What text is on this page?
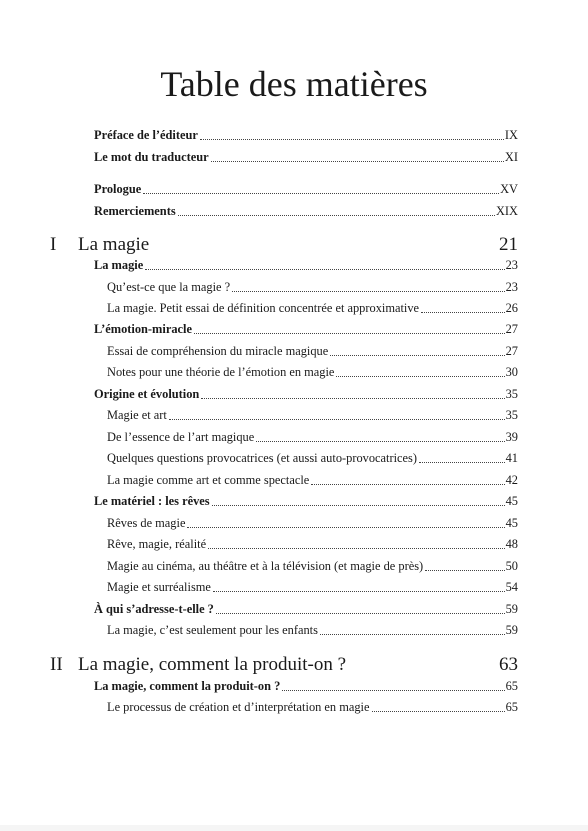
Table des matières
Préface de l’éditeur	IX
Le mot du traducteur	XI
Prologue	XV
Remerciements	XIX
I	La magie	21
La magie	23
Qu’est-ce que la magie ?	23
La magie. Petit essai de définition concentrée et approximative	26
L’émotion-miracle	27
Essai de compréhension du miracle magique	27
Notes pour une théorie de l’émotion en magie	30
Origine et évolution	35
Magie et art	35
De l’essence de l’art magique	39
Quelques questions provocatrices (et aussi auto-provocatrices)	41
La magie comme art et comme spectacle	42
Le matériel : les rêves	45
Rêves de magie	45
Rêve, magie, réalité	48
Magie au cinéma, au théâtre et à la télévision (et magie de près)	50
Magie et surréalisme	54
À qui s’adresse-t-elle ?	59
La magie, c’est seulement pour les enfants	59
II La magie, comment la produit-on ?	63
La magie, comment la produit-on ?	65
Le processus de création et d’interprétation en magie	65
